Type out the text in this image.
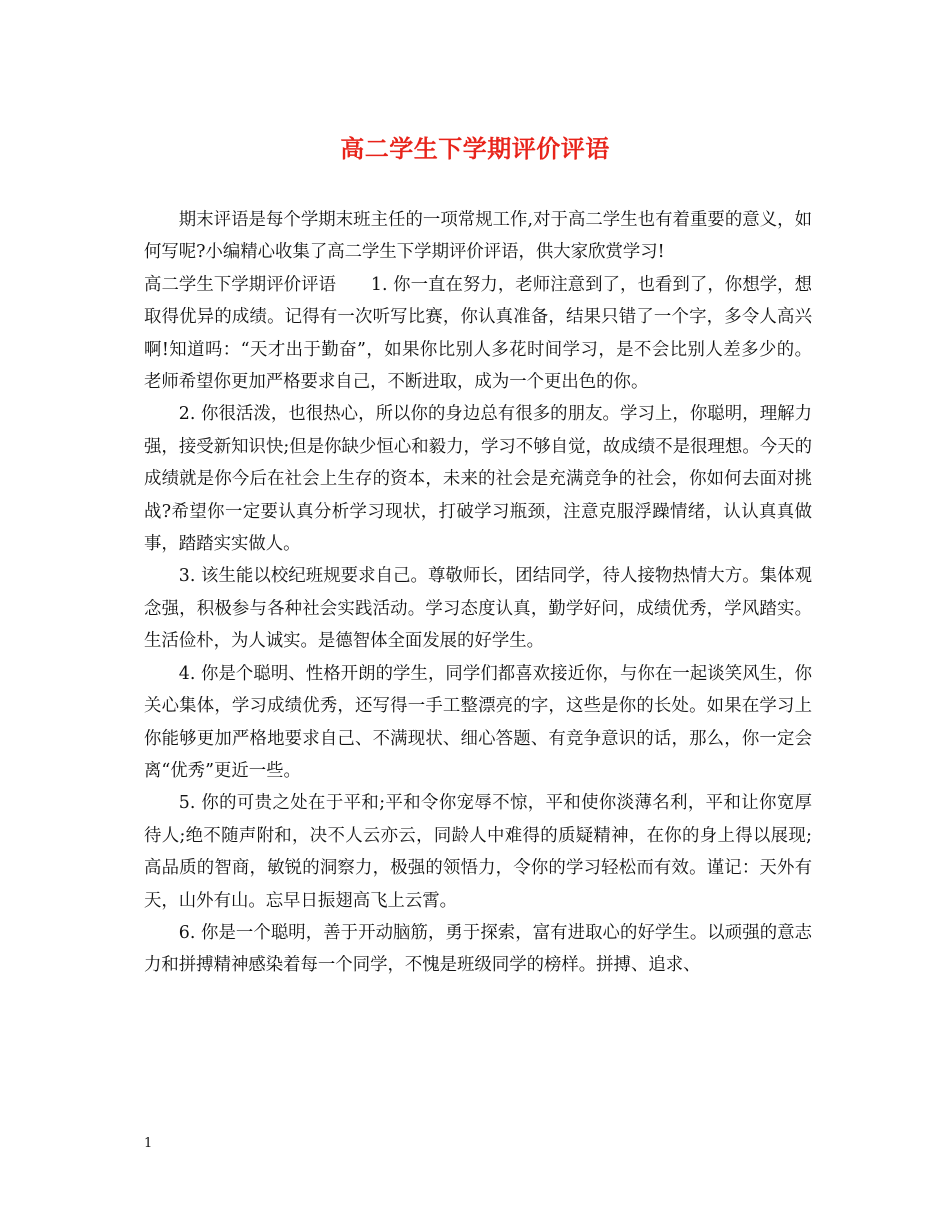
高二学生下学期评价评语

期末评语是每个学期末班主任的一项常规工作,对于高二学生也有着重要的意义，如何写呢?小编精心收集了高二学生下学期评价评语，供大家欣赏学习!

高二学生下学期评价评语　　1. 你一直在努力，老师注意到了，也看到了，你想学，想取得优异的成绩。记得有一次听写比赛，你认真准备，结果只错了一个字，多令人高兴啊!知道吗：“天才出于勤奋”，如果你比别人多花时间学习，是不会比别人差多少的。老师希望你更加严格要求自己，不断进取，成为一个更出色的你。

2. 你很活泼，也很热心，所以你的身边总有很多的朋友。学习上，你聪明，理解力强，接受新知识快;但是你缺少恒心和毅力，学习不够自觉，故成绩不是很理想。今天的成绩就是你今后在社会上生存的资本，未来的社会是充满竞争的社会，你如何去面对挑战?希望你一定要认真分析学习现状，打破学习瓶颈，注意克服浮躁情绪，认认真真做事，踏踏实实做人。

3. 该生能以校纪班规要求自己。尊敬师长，团结同学，待人接物热情大方。集体观念强，积极参与各种社会实践活动。学习态度认真，勤学好问，成绩优秀，学风踏实。生活俭朴，为人诚实。是德智体全面发展的好学生。

4. 你是个聪明、性格开朗的学生，同学们都喜欢接近你，与你在一起谈笑风生，你关心集体，学习成绩优秀，还写得一手工整漂亮的字，这些是你的长处。如果在学习上你能够更加严格地要求自己、不满现状、细心答题、有竞争意识的话，那么，你一定会离“优秀”更近一些。

5. 你的可贵之处在于平和;平和令你宠辱不惊，平和使你淡薄名利，平和让你宽厚待人;绝不随声附和，决不人云亦云，同龄人中难得的质疑精神，在你的身上得以展现;高品质的智商，敏锐的洞察力，极强的领悟力，令你的学习轻松而有效。谨记：天外有天，山外有山。忘早日振翅高飞上云霄。

6. 你是一个聪明，善于开动脑筋，勇于探索，富有进取心的好学生。以顽强的意志力和拼搏精神感染着每一个同学，不愧是班级同学的榜样。拼搏、追求、

1
